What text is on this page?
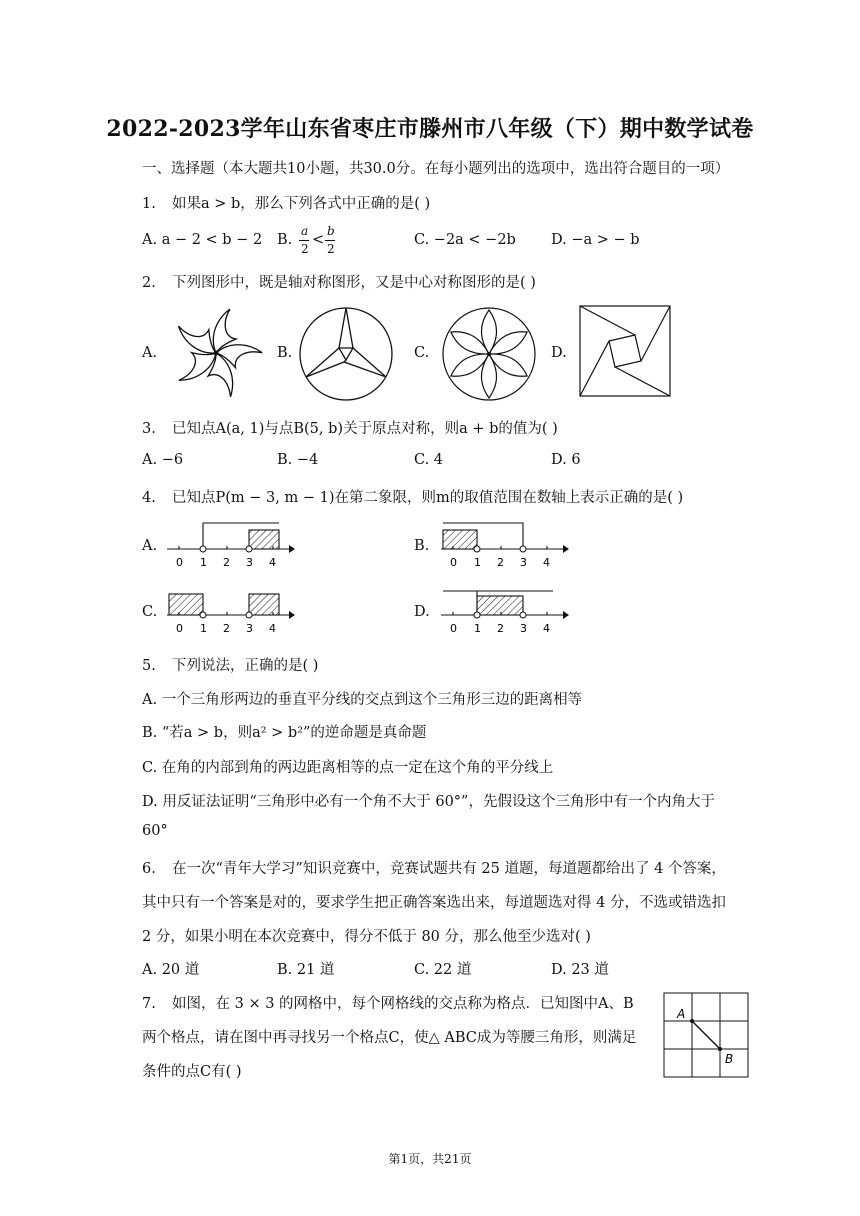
2022-2023学年山东省枣庄市滕州市八年级（下）期中数学试卷
一、选择题（本大题共10小题，共30.0分。在每小题列出的选项中，选出符合题目的一项）
1. 如果a > b，那么下列各式中正确的是( )
A. a − 2 < b − 2 B.
a
2
<
b
2
C. −2a < −2b D. −a > − b
2. 下列图形中，既是轴对称图形，又是中心对称图形的是( )
A.	B.	C.	D.
3. 已知点A(a, 1)与点B(5, b)关于原点对称，则a + b的值为( )
A. −6	B. −4	C. 4	D. 6
4. 已知点P(m − 3, m − 1)在第二象限，则m的取值范围在数轴上表示正确的是( )
A.	B.
C.	D.
0 1 2 3 4	0 1 2 3 4
0 1 2 3 4	0 1 2 3 4
5. 下列说法，正确的是( )
A. 一个三角形两边的垂直平分线的交点到这个三角形三边的距离相等
B. “若a > b，则a² > b²”的逆命题是真命题
C. 在角的内部到角的两边距离相等的点一定在这个角的平分线上
D. 用反证法证明“三角形中必有一个角不大于 60°”，先假设这个三角形中有一个内角大于
60°
6. 在一次“青年大学习”知识竞赛中，竞赛试题共有 25 道题，每道题都给出了 4 个答案，
其中只有一个答案是对的，要求学生把正确答案选出来，每道题选对得 4 分，不选或错选扣
2 分，如果小明在本次竞赛中，得分不低于 80 分，那么他至少选对( )
A. 20 道	B. 21 道	C. 22 道	D. 23 道
7. 如图，在 3 × 3 的网格中，每个网格线的交点称为格点．已知图中A、B
两个格点，请在图中再寻找另一个格点C，使△ ABC成为等腰三角形，则满足
条件的点C有( )
A
B
第1页，共21页
